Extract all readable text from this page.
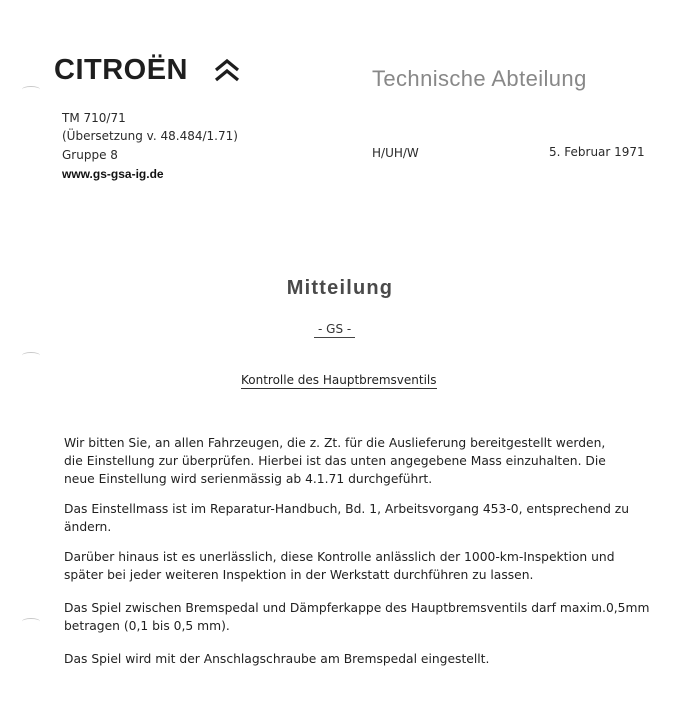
CITROËN	Technische Abteilung
TM 710/71
(Übersetzung v. 48.484/1.71)
Gruppe 8
www.gs-gsa-ig.de
H/UH/W	5. Februar 1971
Mitteilung
- GS -
Kontrolle des Hauptbremsventils
Wir bitten Sie, an allen Fahrzeugen, die z. Zt. für die Auslieferung bereitgestellt werden,
die Einstellung zur überprüfen. Hierbei ist das unten angegebene Mass einzuhalten. Die
neue Einstellung wird serienmässig ab 4.1.71 durchgeführt.
Das Einstellmass ist im Reparatur-Handbuch, Bd. 1, Arbeitsvorgang 453-0, entsprechend zu
ändern.
Darüber hinaus ist es unerlässlich, diese Kontrolle anlässlich der 1000-km-Inspektion und
später bei jeder weiteren Inspektion in der Werkstatt durchführen zu lassen.
Das Spiel zwischen Bremspedal und Dämpferkappe des Hauptbremsventils darf maxim.0,5mm
betragen (0,1 bis 0,5 mm).
Das Spiel wird mit der Anschlagschraube am Bremspedal eingestellt.
